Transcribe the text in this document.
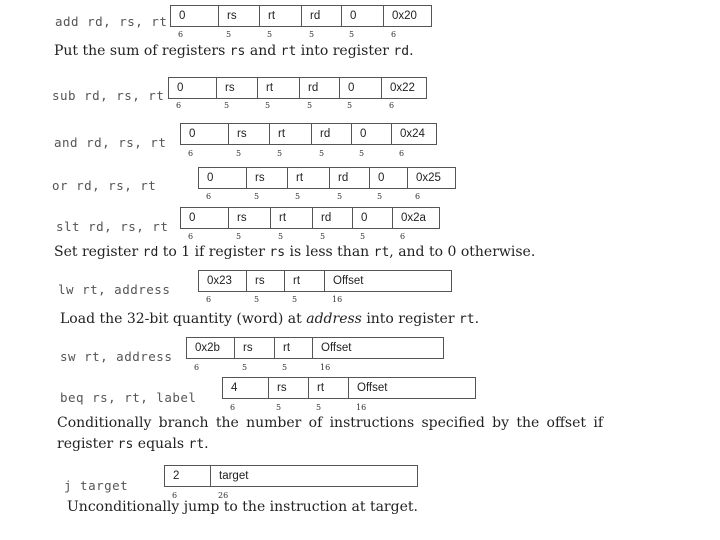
add rd, rs, rt	0	rs	rt	rd	0	0x20
6	5	5	5	5	6
Put the sum of registers rs and rt into register rd.
sub rd, rs, rt	0	rs	rt	rd	0	0x22
6	5	5	5	5	6
and rd, rs, rt
0	rs	rt	rd	0	0x24
6	5	5	5	5	6
or rd, rs, rt	0	rs	rt	rd	0	0x25
6	5	5	5	5	6
slt rd, rs, rt
0	rs	rt	rd	0	0x2a
6	5	5	5	5	6
Set register rd to 1 if register rs is less than rt, and to 0 otherwise.
lw rt, address
0x23	rs	rt	Offset
6	5	5	16
Load the 32-bit quantity (word) at address into register rt.
sw rt, address
0x2b	rs	rt	Offset
6	5	5	16
beq rs, rt, label
4	rs	rt	Offset
6	5	5	16
Conditionally branch the number of instructions specified by the offset if
register rs equals rt.
j target
2	target
6	26
Unconditionally jump to the instruction at target.
